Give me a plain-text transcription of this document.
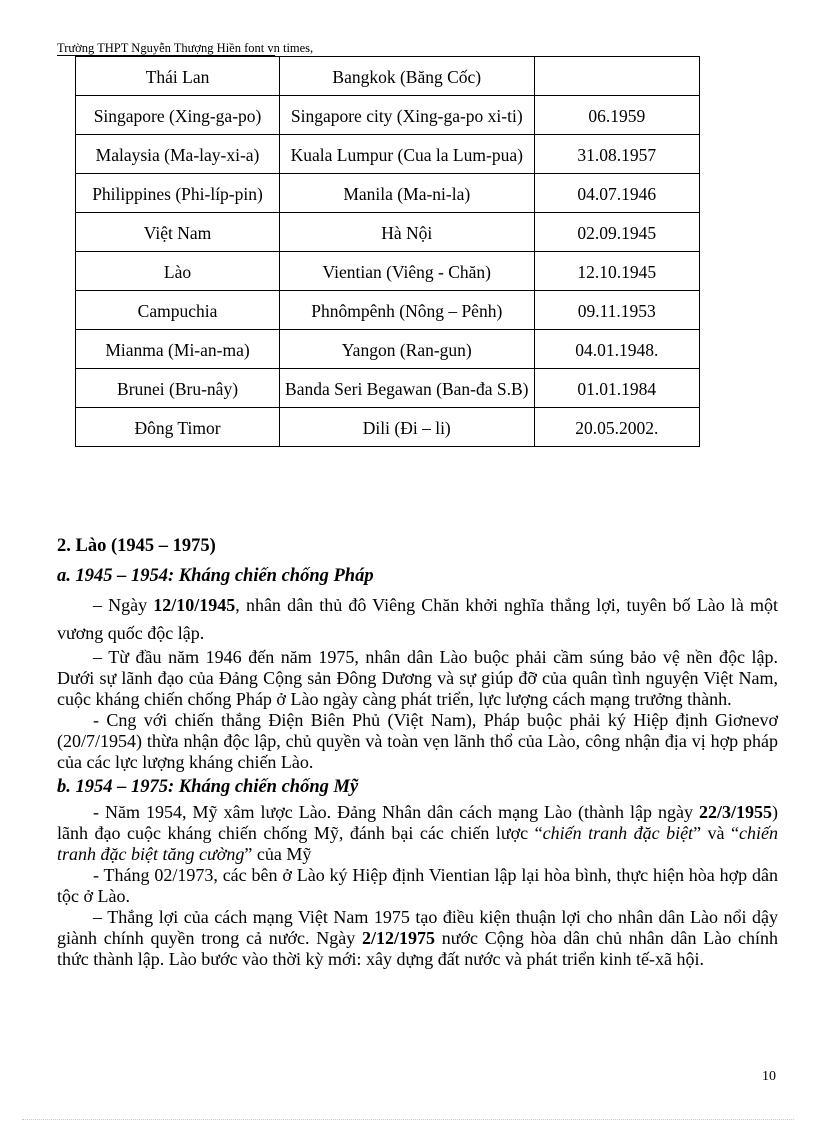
Trường THPT Nguyễn Thượng Hiền font vn times,
Thái Lan	Bangkok (Băng Cốc)	
Singapore (Xing-ga-po)	Singapore city (Xing-ga-po xi-ti)	06.1959
Malaysia (Ma-lay-xi-a)	Kuala Lumpur (Cua la Lum-pua)	31.08.1957
Philippines (Phi-líp-pin)	Manila (Ma-ni-la)	04.07.1946
Việt Nam	Hà Nội	02.09.1945
Lào	Vientian (Viêng - Chăn)	12.10.1945
Campuchia	Phnômpênh (Nông – Pênh)	09.11.1953
Mianma (Mi-an-ma)	Yangon (Ran-gun)	04.01.1948.
Brunei (Bru-nây)	Banda Seri Begawan (Ban-đa S.B)	01.01.1984
Đông Timor	Dili (Đi – li)	20.05.2002.
2. Lào (1945 – 1975)
a. 1945 – 1954: Kháng chiến chống Pháp

– Ngày 12/10/1945, nhân dân thủ đô Viêng Chăn khởi nghĩa thắng lợi, tuyên bố Lào là một vương quốc độc lập.

– Từ đầu năm 1946 đến năm 1975, nhân dân Lào buộc phải cầm súng bảo vệ nền độc lập. Dưới sự lãnh đạo của Đảng Cộng sản Đông Dương và sự giúp đỡ của quân tình nguyện Việt Nam, cuộc kháng chiến chống Pháp ở Lào ngày càng phát triển, lực lượng cách mạng trưởng thành.

- Cng với chiến thắng Điện Biên Phủ (Việt Nam), Pháp buộc phải ký Hiệp định Giơnevơ (20/7/1954) thừa nhận độc lập, chủ quyền và toàn vẹn lãnh thổ của Lào, công nhận địa vị hợp pháp của các lực lượng kháng chiến Lào.

b. 1954 – 1975: Kháng chiến chống Mỹ

- Năm 1954, Mỹ xâm lược Lào. Đảng Nhân dân cách mạng Lào (thành lập ngày 22/3/1955) lãnh đạo cuộc kháng chiến chống Mỹ, đánh bại các chiến lược “chiến tranh đặc biệt” và “chiến tranh đặc biệt tăng cường” của Mỹ

- Tháng 02/1973, các bên ở Lào ký Hiệp định Vientian lập lại hòa bình, thực hiện hòa hợp dân tộc ở Lào.

– Thắng lợi của cách mạng Việt Nam 1975 tạo điều kiện thuận lợi cho nhân dân Lào nổi dậy giành chính quyền trong cả nước. Ngày 2/12/1975 nước Cộng hòa dân chủ nhân dân Lào chính thức thành lập. Lào bước vào thời kỳ mới: xây dựng đất nước và phát triển kinh tế-xã hội.

10
